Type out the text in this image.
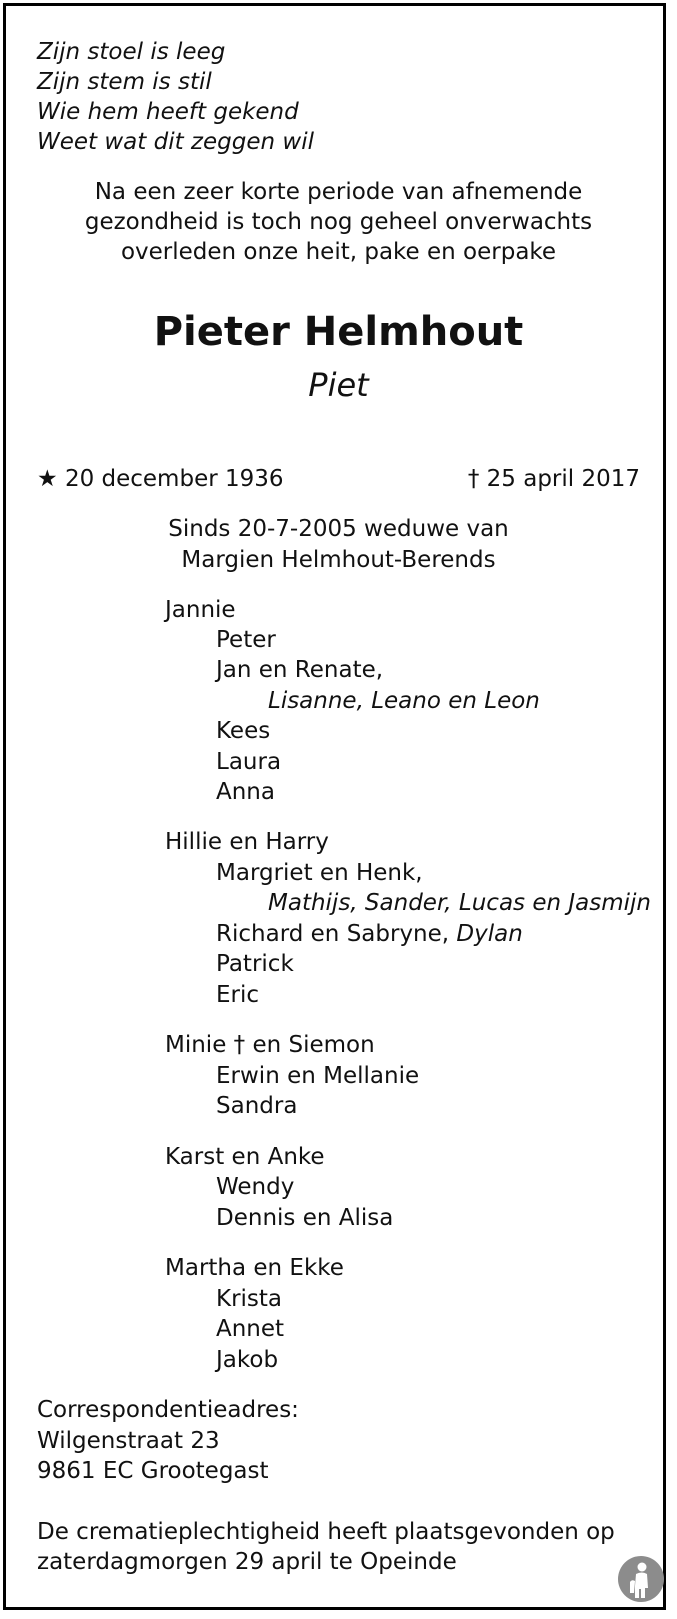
Zijn stoel is leeg
Zijn stem is stil
Wie hem heeft gekend
Weet wat dit zeggen wil
Na een zeer korte periode van afnemende
gezondheid is toch nog geheel onverwachts
overleden onze heit, pake en oerpake
Pieter Helmhout
Piet
★ 20 december 1936	† 25 april 2017
Sinds 20-7-2005 weduwe van
Margien Helmhout-Berends
Jannie
Peter
Jan en Renate,
Lisanne, Leano en Leon
Kees
Laura
Anna
Hillie en Harry
Margriet en Henk,
Mathijs, Sander, Lucas en Jasmijn
Richard en Sabryne, Dylan
Patrick
Eric
Minie † en Siemon
Erwin en Mellanie
Sandra
Karst en Anke
Wendy
Dennis en Alisa
Martha en Ekke
Krista
Annet
Jakob
Correspondentieadres:
Wilgenstraat 23
9861 EC Grootegast
De crematieplechtigheid heeft plaatsgevonden op
zaterdagmorgen 29 april te Opeinde
